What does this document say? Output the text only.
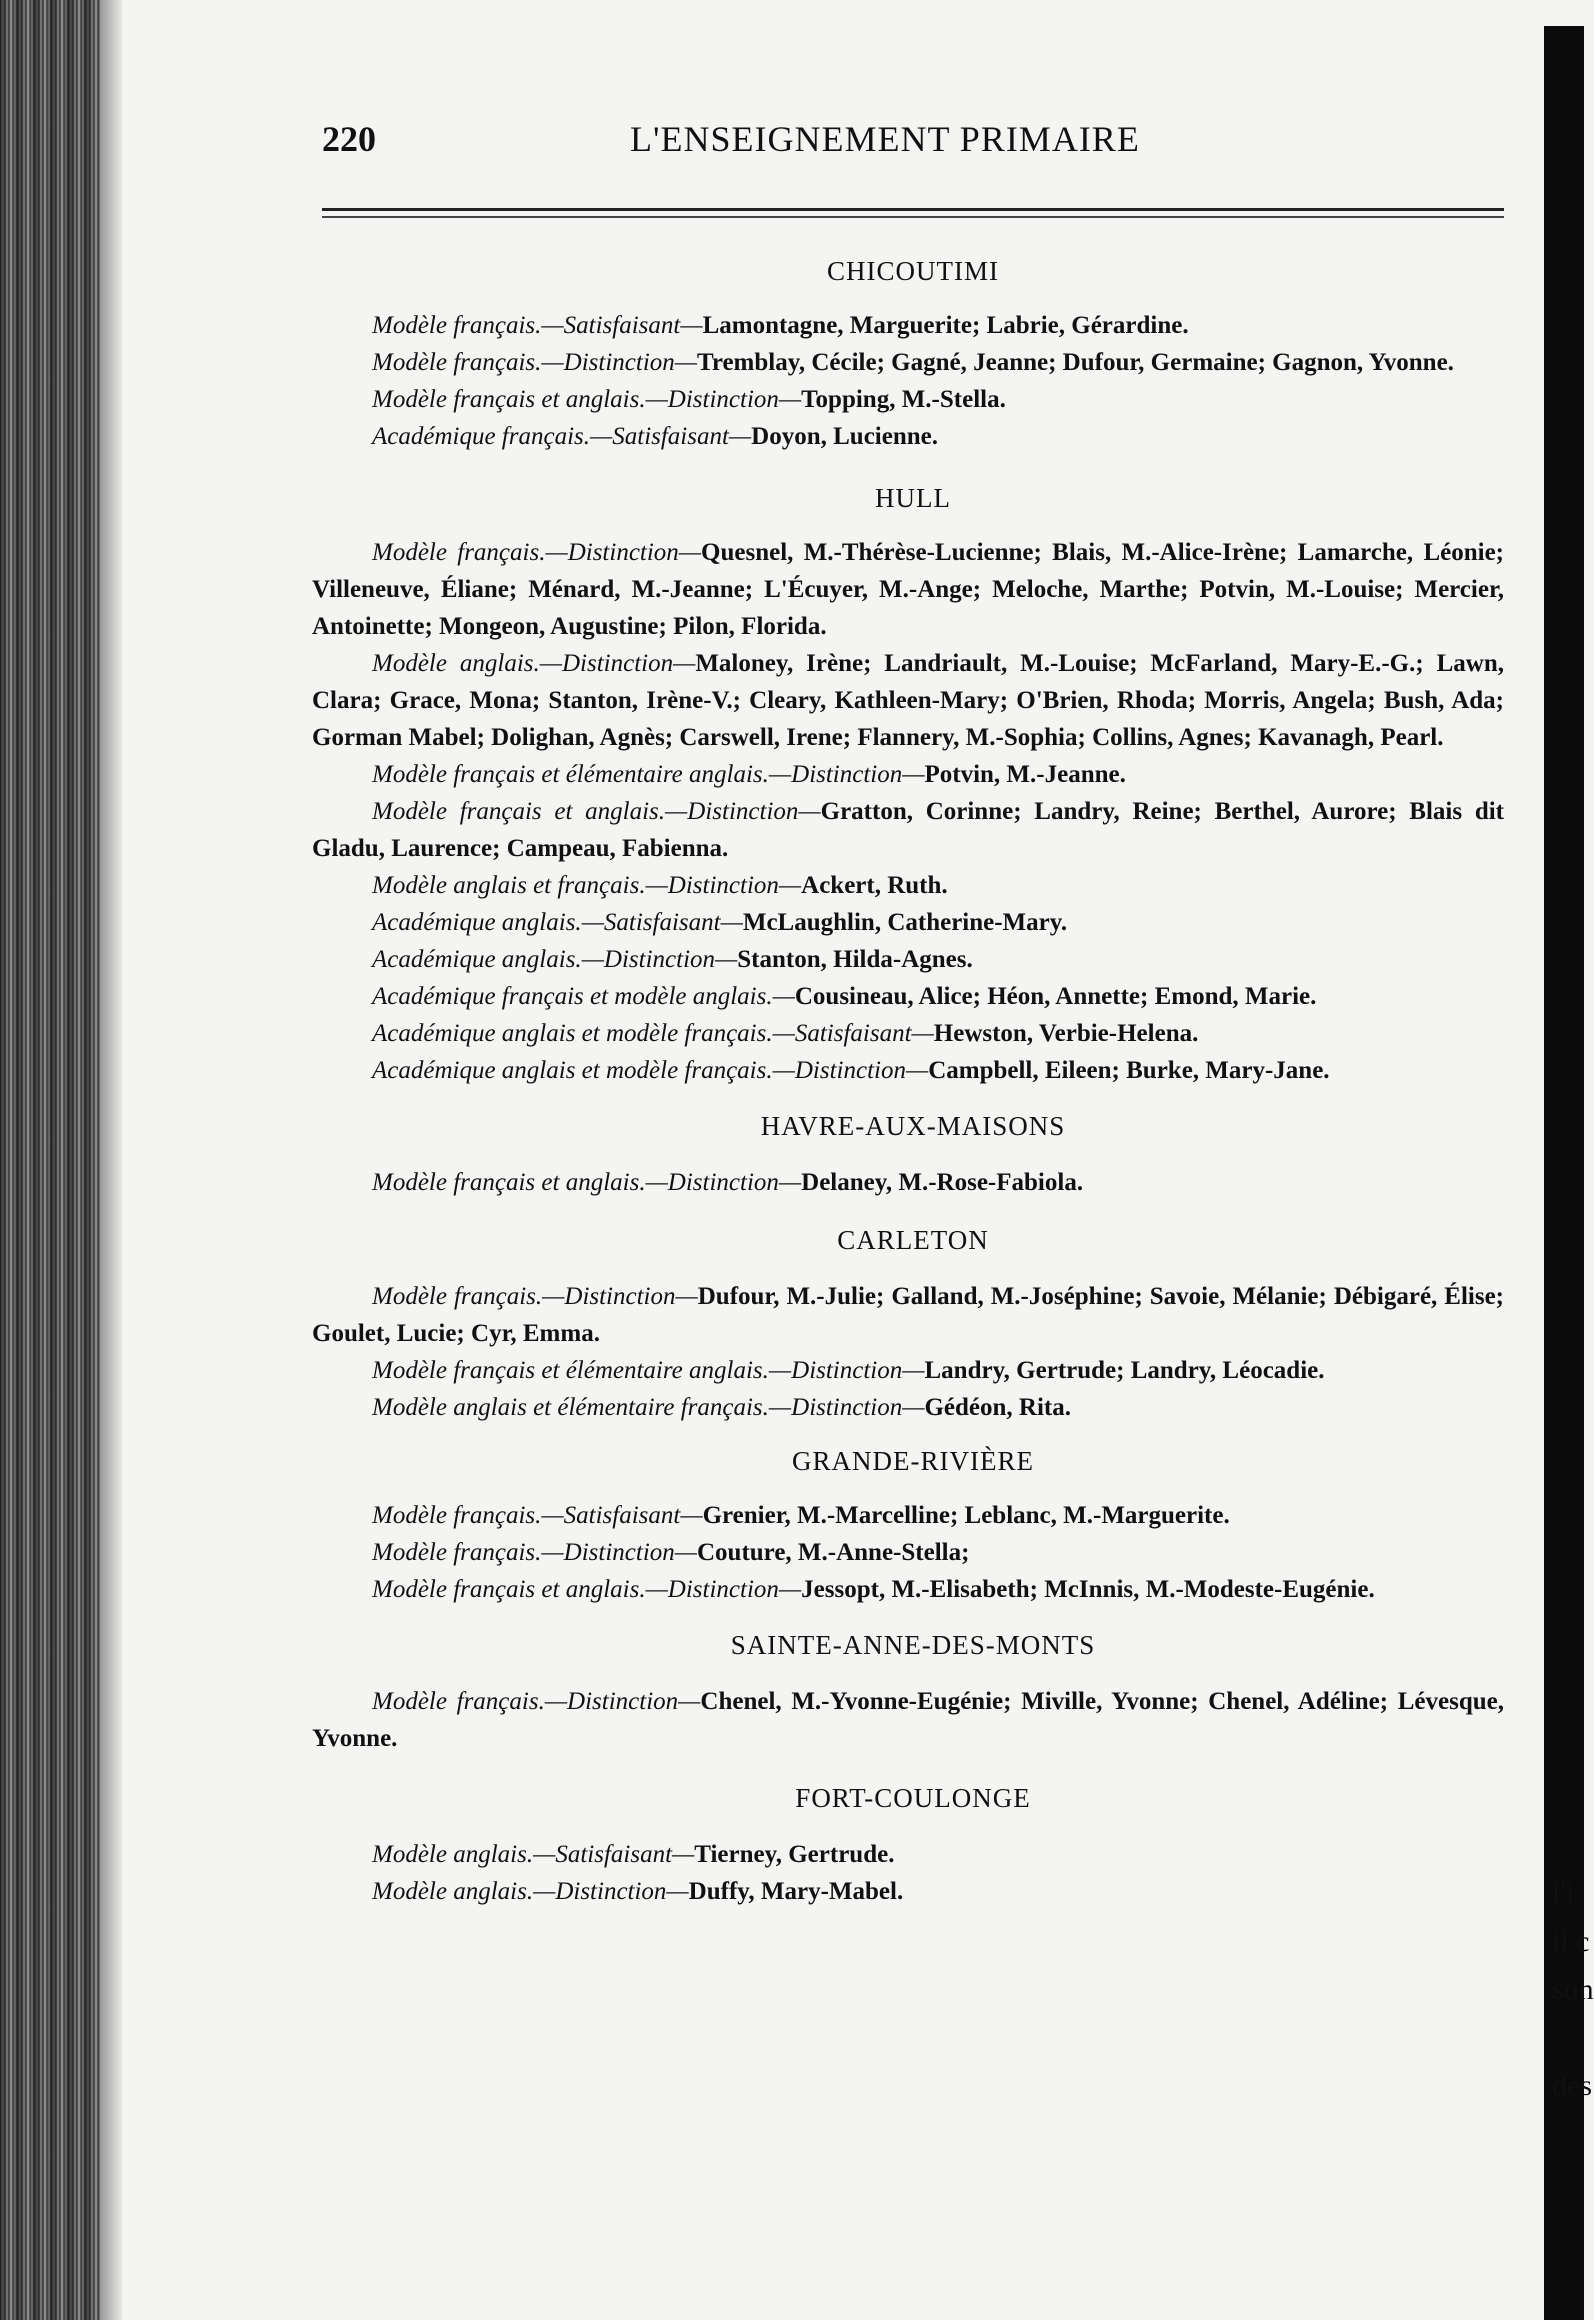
220	L'ENSEIGNEMENT PRIMAIRE
CHICOUTIMI
Modèle français.—Satisfaisant—Lamontagne, Marguerite; Labrie, Gérardine.
Modèle français.—Distinction—Tremblay, Cécile; Gagné, Jeanne; Dufour, Germaine; Gagnon, Yvonne.
Modèle français et anglais.—Distinction—Topping, M.-Stella.
Académique français.—Satisfaisant—Doyon, Lucienne.
HULL
Modèle français.—Distinction—Quesnel, M.-Thérèse-Lucienne; Blais, M.-Alice-Irène; Lamarche, Léonie; Villeneuve, Éliane; Ménard, M.-Jeanne; L'Écuyer, M.-Ange; Meloche, Marthe; Potvin, M.-Louise; Mercier, Antoinette; Mongeon, Augustine; Pilon, Florida.
Modèle anglais.—Distinction—Maloney, Irène; Landriault, M.-Louise; McFarland, Mary-E.-G.; Lawn, Clara; Grace, Mona; Stanton, Irène-V.; Cleary, Kathleen-Mary; O'Brien, Rhoda; Morris, Angela; Bush, Ada; Gorman Mabel; Dolighan, Agnès; Carswell, Irene; Flannery, M.-Sophia; Collins, Agnes; Kavanagh, Pearl.
Modèle français et élémentaire anglais.—Distinction—Potvin, M.-Jeanne.
Modèle français et anglais.—Distinction—Gratton, Corinne; Landry, Reine; Berthel, Aurore; Blais dit Gladu, Laurence; Campeau, Fabienna.
Modèle anglais et français.—Distinction—Ackert, Ruth.
Académique anglais.—Satisfaisant—McLaughlin, Catherine-Mary.
Académique anglais.—Distinction—Stanton, Hilda-Agnes.
Académique français et modèle anglais.—Cousineau, Alice; Héon, Annette; Emond, Marie.
Académique anglais et modèle français.—Satisfaisant—Hewston, Verbie-Helena.
Académique anglais et modèle français.—Distinction—Campbell, Eileen; Burke, Mary-Jane.
HAVRE-AUX-MAISONS
Modèle français et anglais.—Distinction—Delaney, M.-Rose-Fabiola.
CARLETON
Modèle français.—Distinction—Dufour, M.-Julie; Galland, M.-Joséphine; Savoie, Mélanie; Débigaré, Élise; Goulet, Lucie; Cyr, Emma.
Modèle français et élémentaire anglais.—Distinction—Landry, Gertrude; Landry, Léocadie.
Modèle anglais et élémentaire français.—Distinction—Gédéon, Rita.
GRANDE-RIVIÈRE
Modèle français.—Satisfaisant—Grenier, M.-Marcelline; Leblanc, M.-Marguerite.
Modèle français.—Distinction—Couture, M.-Anne-Stella;
Modèle français et anglais.—Distinction—Jessopt, M.-Elisabeth; McInnis, M.-Modeste-Eugénie.
SAINTE-ANNE-DES-MONTS
Modèle français.—Distinction—Chenel, M.-Yvonne-Eugénie; Miville, Yvonne; Chenel, Adéline; Lévesque, Yvonne.
FORT-COULONGE
Modèle anglais.—Satisfaisant—Tierney, Gertrude.
Modèle anglais.—Distinction—Duffy, Mary-Mabel.	l'i
il c
son
des
